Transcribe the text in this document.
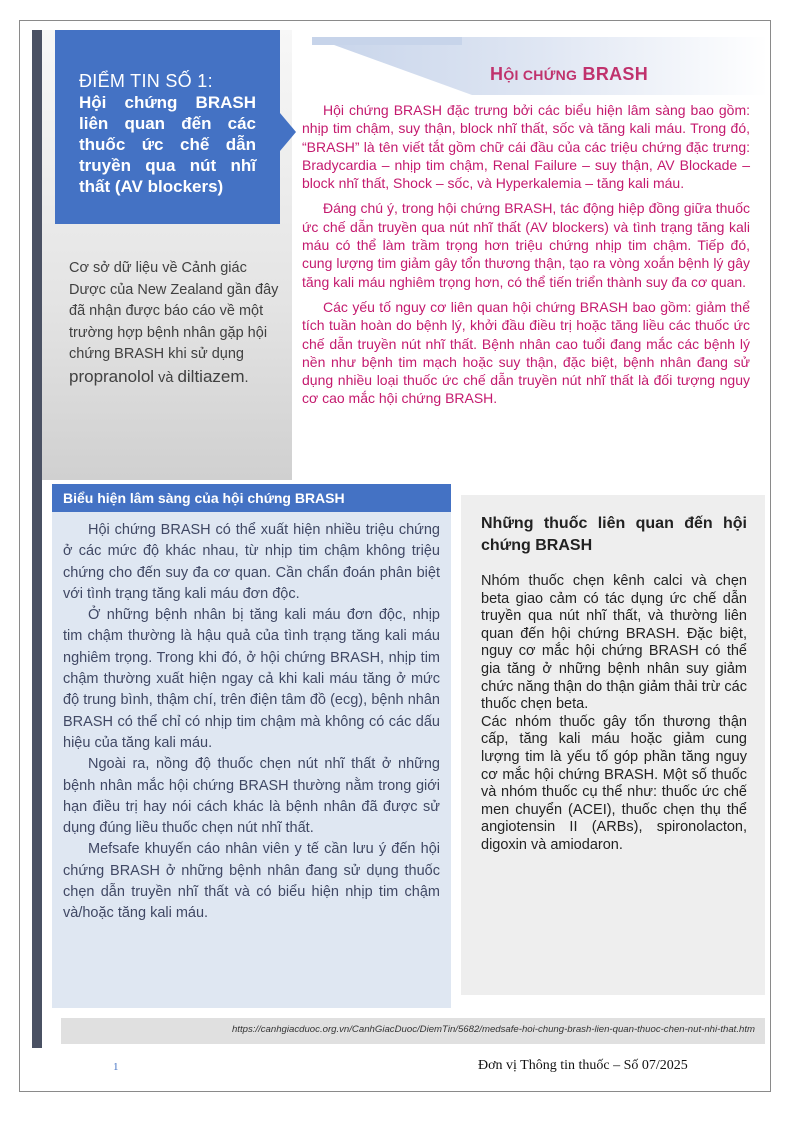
ĐIỂM TIN SỐ 1:
Hội chứng BRASH liên quan đến các thuốc ức chế dẫn truyền qua nút nhĩ thất (AV blockers)
Cơ sở dữ liệu về Cảnh giác Dược của New Zealand gần đây đã nhận được báo cáo về một trường hợp bệnh nhân gặp hội chứng BRASH khi sử dụng propranolol và diltiazem.
HỘI CHỨNG BRASH

Hội chứng BRASH đặc trưng bởi các biểu hiện lâm sàng bao gồm: nhịp tim chậm, suy thận, block nhĩ thất, sốc và tăng kali máu. Trong đó, “BRASH” là tên viết tắt gồm chữ cái đầu của các triệu chứng đặc trưng: Bradycardia – nhịp tim chậm, Renal Failure – suy thận, AV Blockade – block nhĩ thất, Shock – sốc, và Hyperkalemia – tăng kali máu.

Đáng chú ý, trong hội chứng BRASH, tác động hiệp đồng giữa thuốc ức chế dẫn truyền qua nút nhĩ thất (AV blockers) và tình trạng tăng kali máu có thể làm trầm trọng hơn triệu chứng nhịp tim chậm. Tiếp đó, cung lượng tim giảm gây tổn thương thận, tạo ra vòng xoắn bệnh lý gây tăng kali máu nghiêm trọng hơn, có thể tiến triển thành suy đa cơ quan.

Các yếu tố nguy cơ liên quan hội chứng BRASH bao gồm: giảm thể tích tuần hoàn do bệnh lý, khởi đầu điều trị hoặc tăng liều các thuốc ức chế dẫn truyền nút nhĩ thất. Bệnh nhân cao tuổi đang mắc các bệnh lý nền như bệnh tim mạch hoặc suy thận, đặc biệt, bệnh nhân đang sử dụng nhiều loại thuốc ức chế dẫn truyền nút nhĩ thất là đối tượng nguy cơ cao mắc hội chứng BRASH.

Biểu hiện lâm sàng của hội chứng BRASH

Hội chứng BRASH có thể xuất hiện nhiều triệu chứng ở các mức độ khác nhau, từ nhịp tim chậm không triệu chứng cho đến suy đa cơ quan. Cần chẩn đoán phân biệt với tình trạng tăng kali máu đơn độc.

Ở những bệnh nhân bị tăng kali máu đơn độc, nhịp tim chậm thường là hậu quả của tình trạng tăng kali máu nghiêm trọng. Trong khi đó, ở hội chứng BRASH, nhịp tim chậm thường xuất hiện ngay cả khi kali máu tăng ở mức độ trung bình, thậm chí, trên điện tâm đồ (ecg), bệnh nhân BRASH có thể chỉ có nhịp tim chậm mà không có các dấu hiệu của tăng kali máu.

Ngoài ra, nồng độ thuốc chẹn nút nhĩ thất ở những bệnh nhân mắc hội chứng BRASH thường nằm trong giới hạn điều trị hay nói cách khác là bệnh nhân đã được sử dụng đúng liều thuốc chẹn nút nhĩ thất.

Mefsafe khuyến cáo nhân viên y tế cần lưu ý đến hội chứng BRASH ở những bệnh nhân đang sử dụng thuốc chẹn dẫn truyền nhĩ thất và có biểu hiện nhịp tim chậm và/hoặc tăng kali máu.

Những thuốc liên quan đến hội chứng BRASH

Nhóm thuốc chẹn kênh calci và chẹn beta giao cảm có tác dụng ức chế dẫn truyền qua nút nhĩ thất, và thường liên quan đến hội chứng BRASH. Đặc biệt, nguy cơ mắc hội chứng BRASH có thể gia tăng ở những bệnh nhân suy giảm chức năng thận do thận giảm thải trừ các thuốc chẹn beta.

Các nhóm thuốc gây tổn thương thận cấp, tăng kali máu hoặc giảm cung lượng tim là yếu tố góp phần tăng nguy cơ mắc hội chứng BRASH. Một số thuốc và nhóm thuốc cụ thể như: thuốc ức chế men chuyển (ACEI), thuốc chẹn thụ thể angiotensin II (ARBs), spironolacton, digoxin và amiodaron.

https://canhgiacduoc.org.vn/CanhGiacDuoc/DiemTin/5682/medsafe-hoi-chung-brash-lien-quan-thuoc-chen-nut-nhi-that.htm
1	Đơn vị Thông tin thuốc – Số 07/2025
